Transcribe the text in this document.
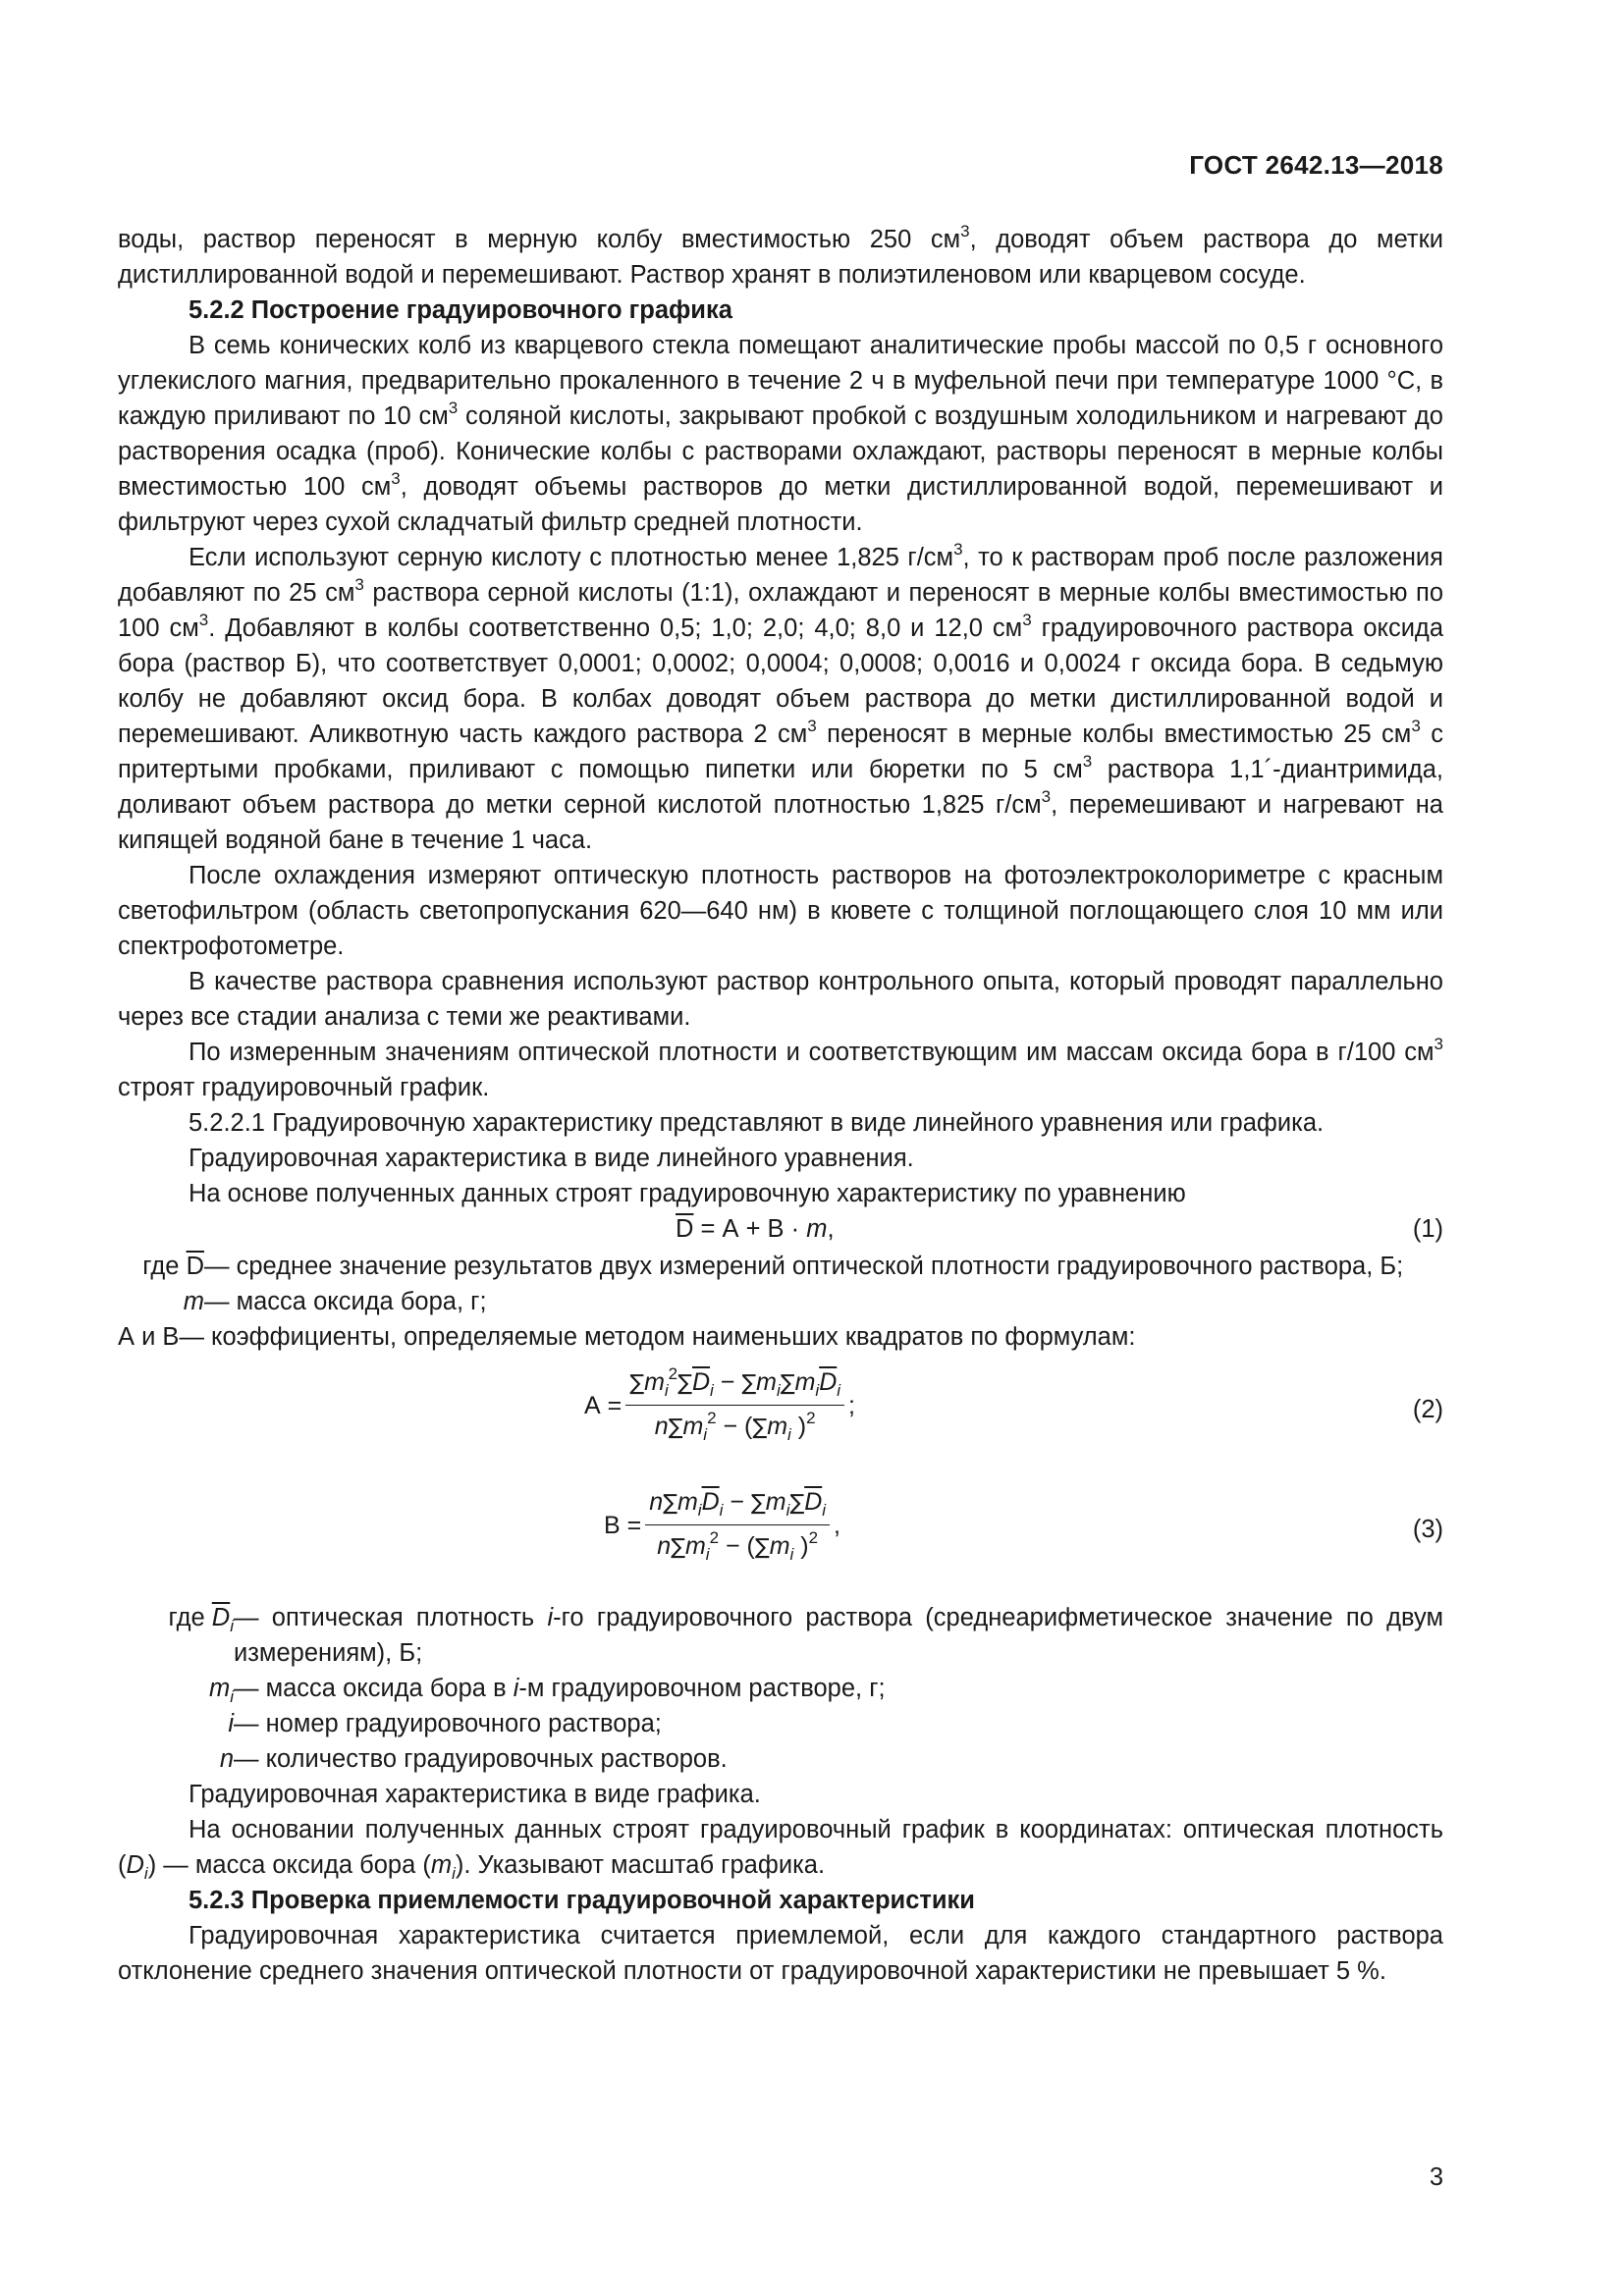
ГОСТ 2642.13—2018

воды, раствор переносят в мерную колбу вместимостью 250 $см^3$, доводят объем раствора до метки дистиллированной водой и перемешивают. Раствор хранят в полиэтиленовом или кварцевом сосуде.

5.2.2 Построение градуировочного графика

В семь конических колб из кварцевого стекла помещают аналитические пробы массой по 0,5 г основного углекислого магния, предварительно прокаленного в течение 2 ч в муфельной печи при температуре 1000 °С, в каждую приливают по 10 $см^3$ соляной кислоты, закрывают пробкой с воздушным холодильником и нагревают до растворения осадка (проб). Конические колбы с растворами охлаждают, растворы переносят в мерные колбы вместимостью 100 $см^3$, доводят объемы растворов до метки дистиллированной водой, перемешивают и фильтруют через сухой складчатый фильтр средней плотности.

Если используют серную кислоту с плотностью менее 1,825 $г/см^3$, то к растворам проб после разложения добавляют по 25 $см^3$ раствора серной кислоты (1:1), охлаждают и переносят в мерные колбы вместимостью по 100 $см^3$. Добавляют в колбы соответственно 0,5; 1,0; 2,0; 4,0; 8,0 и 12,0 $см^3$ градуировочного раствора оксида бора (раствор Б), что соответствует 0,0001; 0,0002; 0,0004; 0,0008; 0,0016 и 0,0024 г оксида бора. В седьмую колбу не добавляют оксид бора. В колбах доводят объем раствора до метки дистиллированной водой и перемешивают. Аликвотную часть каждого раствора 2 $см^3$ переносят в мерные колбы вместимостью 25 $см^3$ с притертыми пробками, приливают с помощью пипетки или бюретки по 5 $см^3$ раствора 1,1´-диантримида, доливают объем раствора до метки серной кислотой плотностью 1,825 $г/см^3$, перемешивают и нагревают на кипящей водяной бане в течение 1 часа.

После охлаждения измеряют оптическую плотность растворов на фотоэлектроколориметре с красным светофильтром (область светопропускания 620—640 нм) в кювете с толщиной поглощающего слоя 10 мм или спектрофотометре.

В качестве раствора сравнения используют раствор контрольного опыта, который проводят параллельно через все стадии анализа с теми же реактивами.

По измеренным значениям оптической плотности и соответствующим им массам оксида бора в г/100 $см^3$ строят градуировочный график.

5.2.2.1 Градуировочную характеристику представляют в виде линейного уравнения или графика.

Градуировочная характеристика в виде линейного уравнения.

На основе полученных данных строят градуировочную характеристику по уравнению

$\overline{D} = А + В \cdot m$,	(1)
где $\overline{D}$ — среднее значение результатов двух измерений оптической плотности градуировочного раствора, Б;
m — масса оксида бора, г;
А и В — коэффициенты, определяемые методом наименьших квадратов по формулам:
$А = \frac{\sum m_i^2\sum\overline{D}_i - \sum m_i\sum m_i\overline{D}_i}{n\sum m_i^2 - (\sum m_i )^2}$ ;	(2)
$В = \frac{n\sum m_i\overline{D}_i - \sum m_i\sum\overline{D}_i}{n\sum m_i^2 - (\sum m_i )^2}$ ,	(3)
где $\overline{D}_i$ — оптическая плотность i-го градуировочного раствора (среднеарифметическое значение по двум измерениям), Б;
$m_i$ — масса оксида бора в i-м градуировочном растворе, г;
i — номер градуировочного раствора;
n — количество градуировочных растворов.

Градуировочная характеристика в виде графика.

На основании полученных данных строят градуировочный график в координатах: оптическая плотность $(D_i)$ — масса оксида бора $(m_i)$. Указывают масштаб графика.

5.2.3 Проверка приемлемости градуировочной характеристики

Градуировочная характеристика считается приемлемой, если для каждого стандартного раствора отклонение среднего значения оптической плотности от градуировочной характеристики не превышает 5 %.

3
